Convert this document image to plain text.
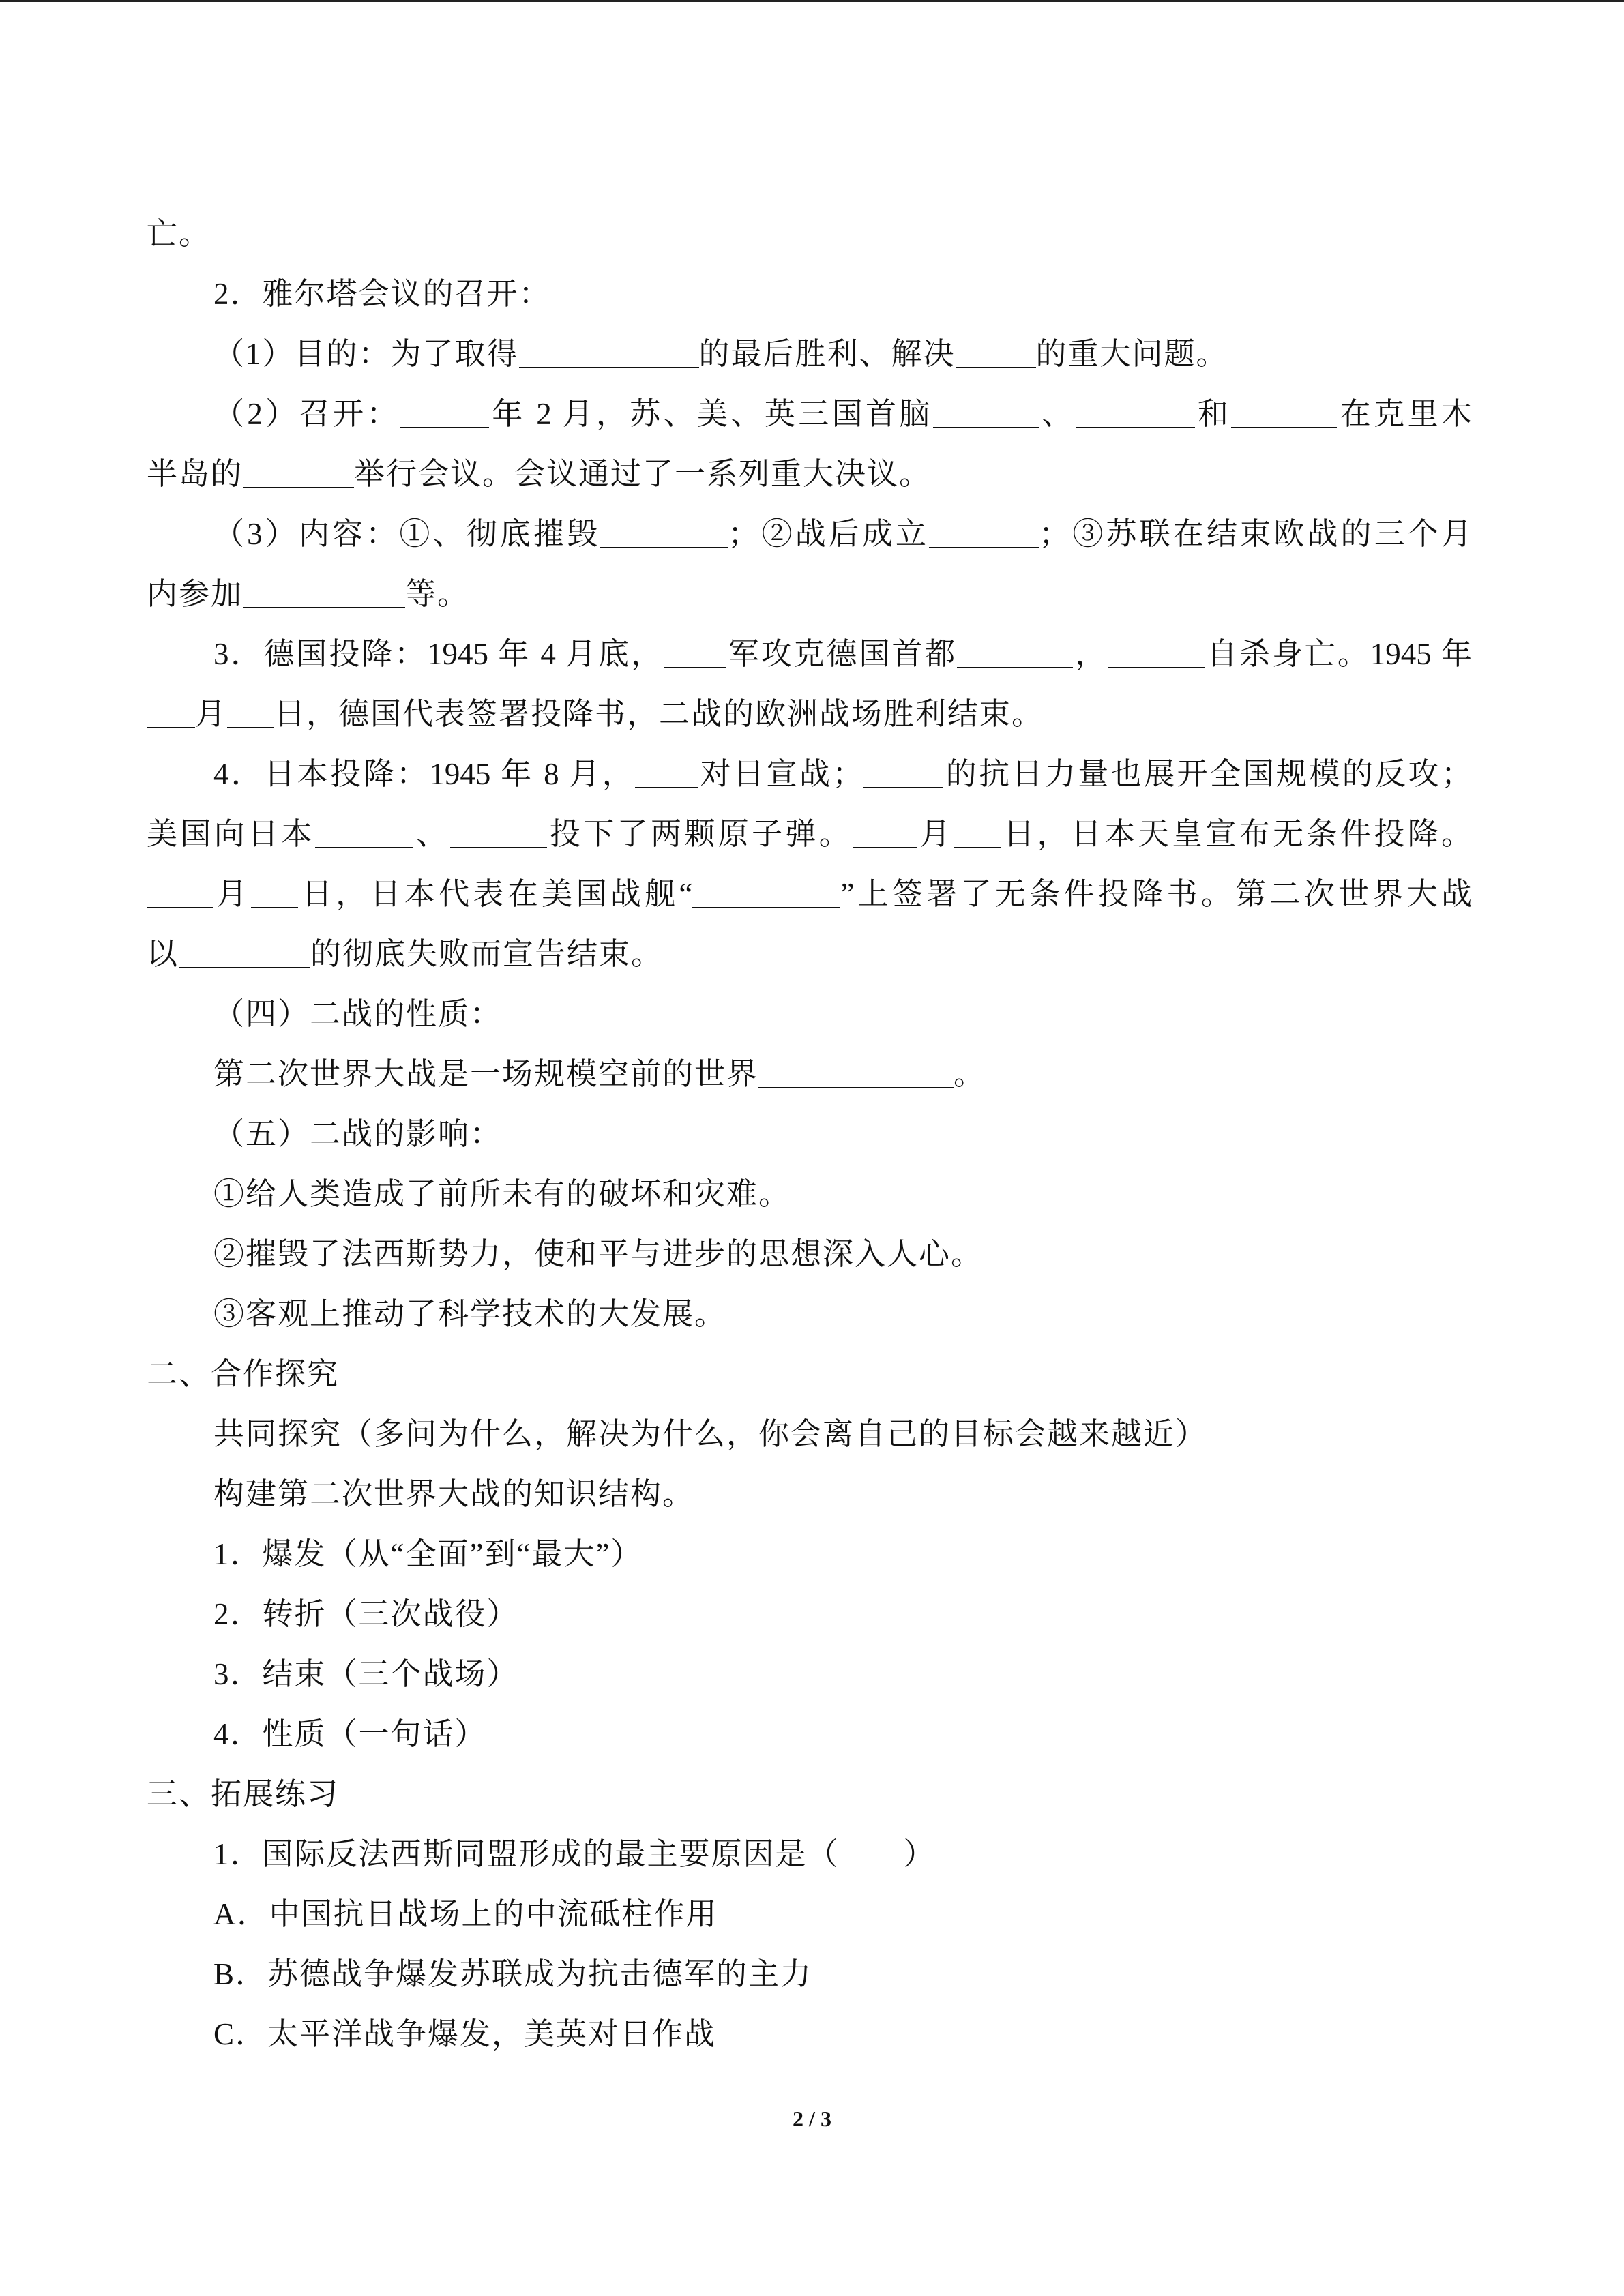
亡。
2．雅尔塔会议的召开：
（1）目的：为了取得	的最后胜利、解决	的重大问题。
（2）召开：	年 2 月，苏、美、英三国首脑	、	和	在克里木
半岛的	举行会议。会议通过了一系列重大决议。
（3）内容：①、彻底摧毁	；②战后成立	；③苏联在结束欧战的三个月
内参加	等。
3．德国投降：1945 年 4 月底， 军攻克德国首都	，	自杀身亡。1945 年
月 日，德国代表签署投降书，二战的欧洲战场胜利结束。
4．日本投降：1945 年 8 月， 对日宣战；	的抗日力量也展开全国规模的反攻；
美国向日本	、	投下了两颗原子弹。 月 日，日本天皇宣布无条件投降。
月 日，日本代表在美国战舰“	”上签署了无条件投降书。第二次世界大战
以	的彻底失败而宣告结束。
（四）二战的性质：
第二次世界大战是一场规模空前的世界	。
（五）二战的影响：
①给人类造成了前所未有的破坏和灾难。
②摧毁了法西斯势力，使和平与进步的思想深入人心。
③客观上推动了科学技术的大发展。
二、合作探究
共同探究（多问为什么，解决为什么，你会离自己的目标会越来越近）
构建第二次世界大战的知识结构。
1．爆发（从“全面”到“最大”）
2．转折（三次战役）
3．结束（三个战场）
4．性质（一句话）
三、拓展练习
1．国际反法西斯同盟形成的最主要原因是（　　）
A．中国抗日战场上的中流砥柱作用
B．苏德战争爆发苏联成为抗击德军的主力
C．太平洋战争爆发，美英对日作战
2 / 3
